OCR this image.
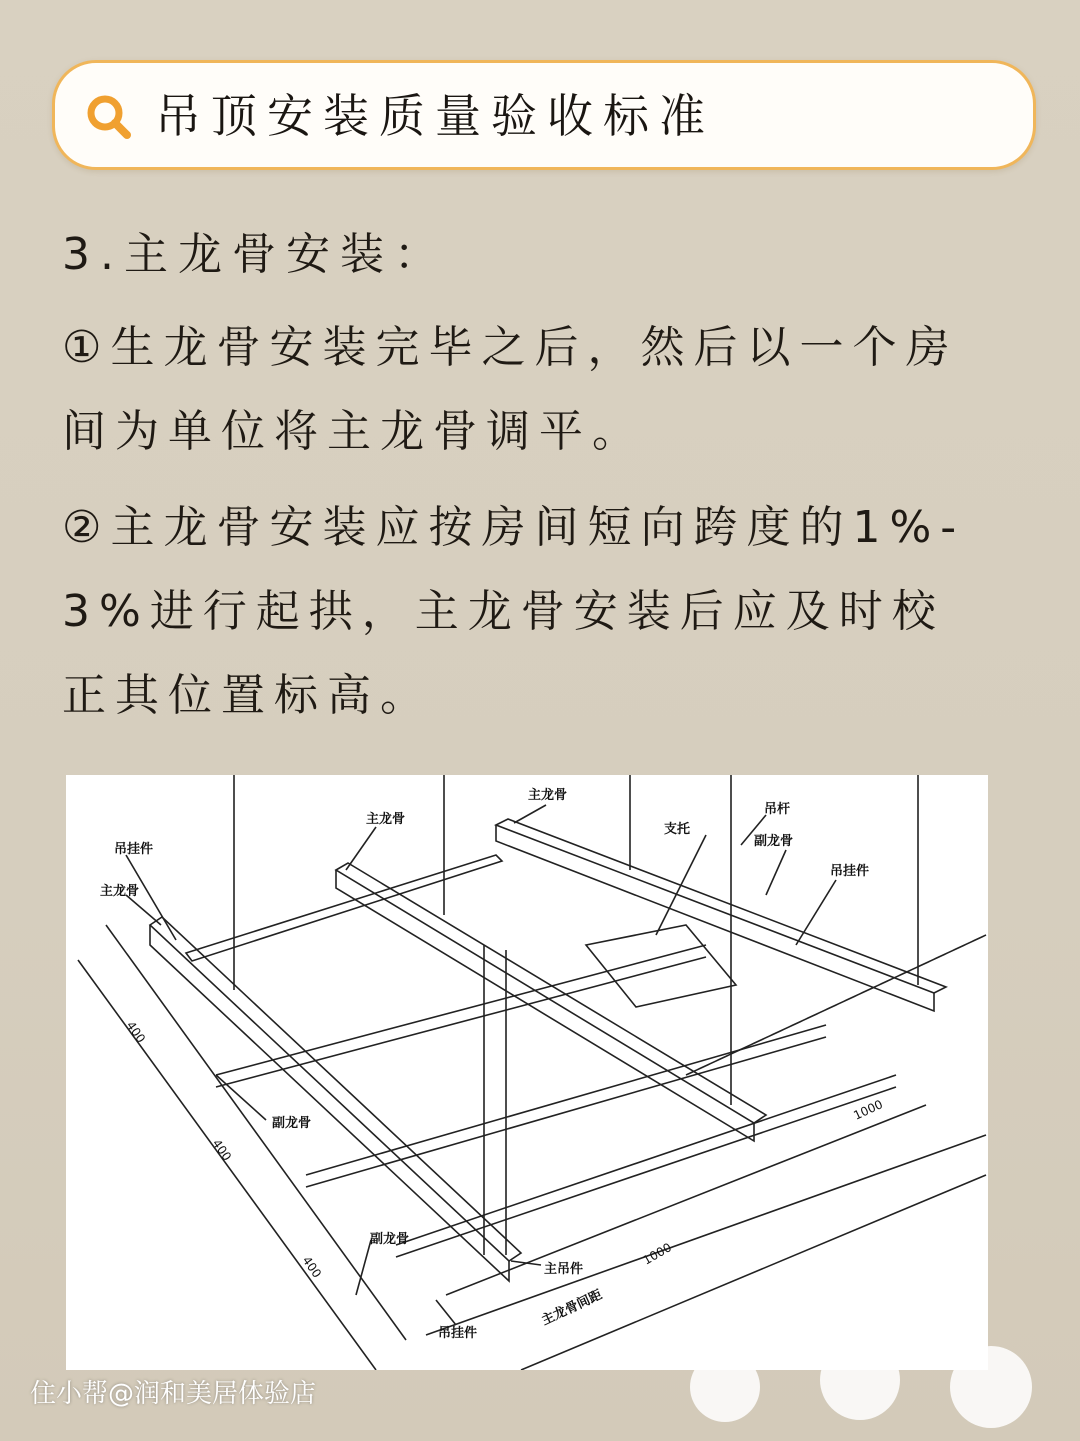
吊顶安装质量验收标准
3.主龙骨安装：
①生龙骨安装完毕之后，然后以一个房间为单位将主龙骨调平。
②主龙骨安装应按房间短向跨度的1%-3%进行起拱，主龙骨安装后应及时校正其位置标高。
主龙骨
主龙骨
吊挂件
主龙骨
吊杆
支托
副龙骨
吊挂件
副龙骨
副龙骨
主吊件
主龙骨间距
吊挂件
400
400
400
1000
1000
住小帮@润和美居体验店
